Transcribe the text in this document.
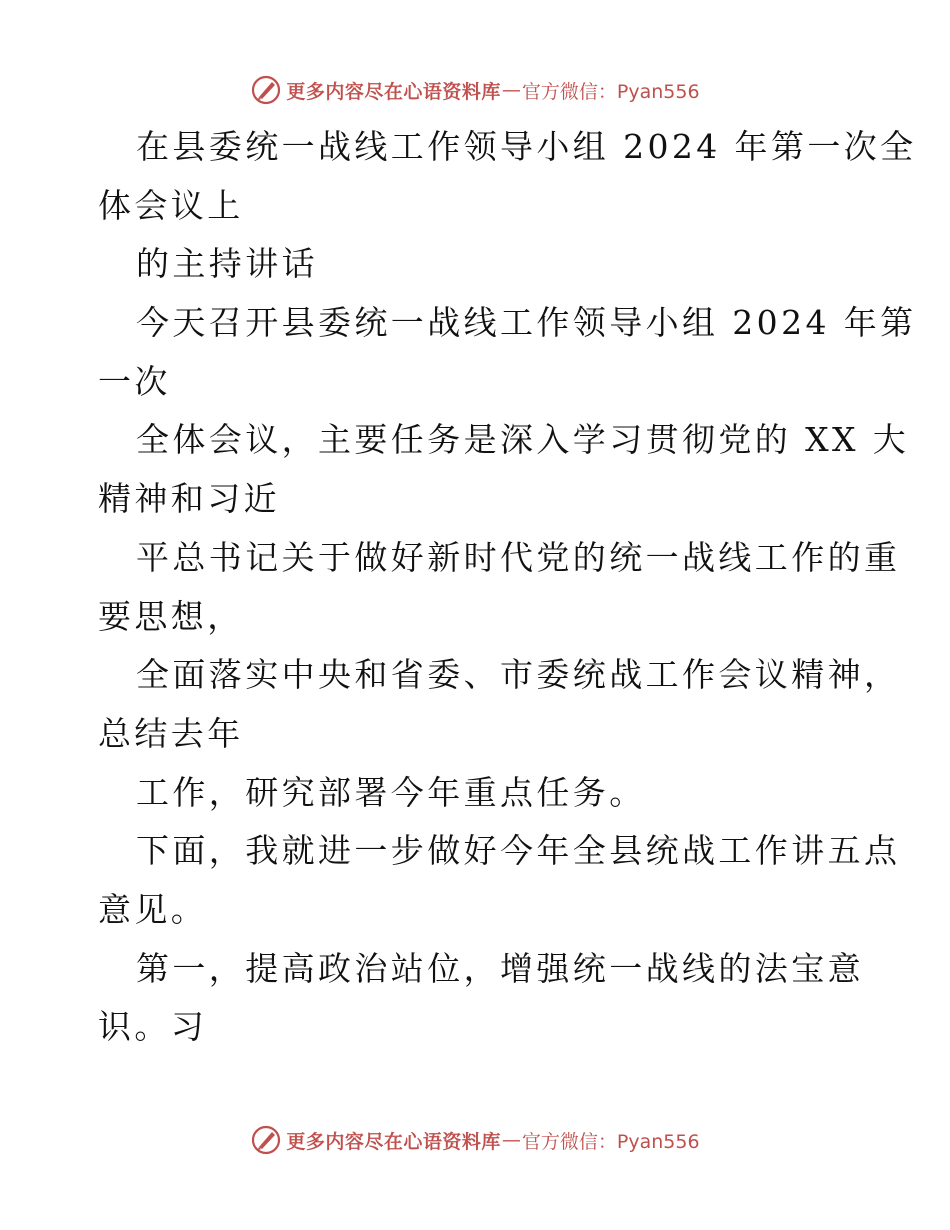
更多内容尽在心语资料库 — 官方微信：Pyan556
在县委统一战线工作领导小组 2024 年第一次全
体会议上
的主持讲话
今天召开县委统一战线工作领导小组 2024 年第
一次
全体会议，主要任务是深入学习贯彻党的 XX 大
精神和习近
平总书记关于做好新时代党的统一战线工作的重
要思想，
全面落实中央和省委、市委统战工作会议精神，
总结去年
工作，研究部署今年重点任务。
下面，我就进一步做好今年全县统战工作讲五点
意见。
第一，提高政治站位，增强统一战线的法宝意
识。习
更多内容尽在心语资料库 — 官方微信：Pyan556
